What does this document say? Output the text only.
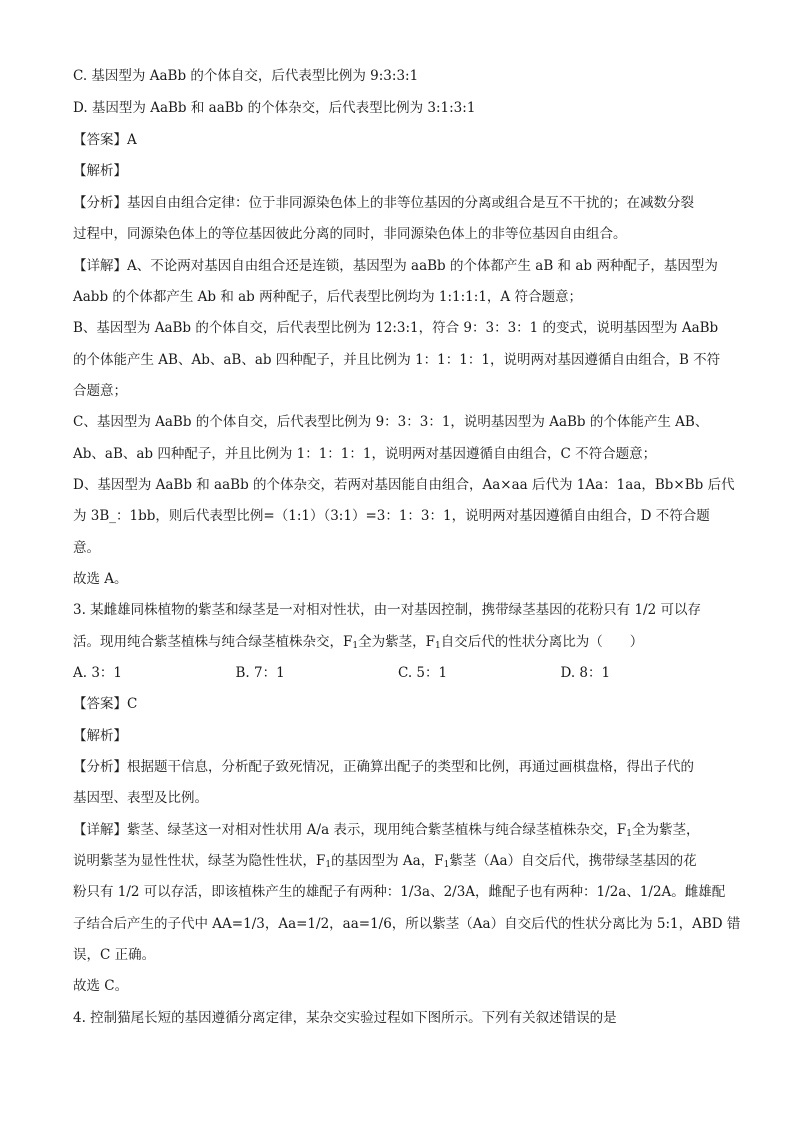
C. 基因型为 AaBb 的个体自交，后代表型比例为 9:3:3:1
D. 基因型为 AaBb 和 aaBb 的个体杂交，后代表型比例为 3:1:3:1
【答案】A
【解析】
【分析】基因自由组合定律：位于非同源染色体上的非等位基因的分离或组合是互不干扰的；在减数分裂
过程中，同源染色体上的等位基因彼此分离的同时，非同源染色体上的非等位基因自由组合。
【详解】A、不论两对基因自由组合还是连锁，基因型为 aaBb 的个体都产生 aB 和 ab 两种配子，基因型为
Aabb 的个体都产生 Ab 和 ab 两种配子，后代表型比例均为 1:1:1:1，A 符合题意；
B、基因型为 AaBb 的个体自交，后代表型比例为 12:3:1，符合 9：3：3：1 的变式，说明基因型为 AaBb
的个体能产生 AB、Ab、aB、ab 四种配子，并且比例为 1：1：1：1，说明两对基因遵循自由组合，B 不符
合题意；
C、基因型为 AaBb 的个体自交，后代表型比例为 9：3：3：1，说明基因型为 AaBb 的个体能产生 AB、
Ab、aB、ab 四种配子，并且比例为 1：1：1：1，说明两对基因遵循自由组合，C 不符合题意；
D、基因型为 AaBb 和 aaBb 的个体杂交，若两对基因能自由组合，Aa×aa 后代为 1Aa：1aa，Bb×Bb 后代
为 3B_：1bb，则后代表型比例=（1:1）（3:1）=3：1：3：1，说明两对基因遵循自由组合，D 不符合题
意。
故选 A。
3. 某雌雄同株植物的紫茎和绿茎是一对相对性状，由一对基因控制，携带绿茎基因的花粉只有 1/2 可以存
活。现用纯合紫茎植株与纯合绿茎植株杂交，$F_1$全为紫茎，$F_1$自交后代的性状分离比为（　　）
A. 3：1	B. 7：1	C. 5：1	D. 8：1
【答案】C
【解析】
【分析】根据题干信息，分析配子致死情况，正确算出配子的类型和比例，再通过画棋盘格，得出子代的
基因型、表型及比例。
【详解】紫茎、绿茎这一对相对性状用 A/a 表示，现用纯合紫茎植株与纯合绿茎植株杂交，$F_1$全为紫茎，
说明紫茎为显性性状，绿茎为隐性性状，$F_1$的基因型为 Aa，$F_1$紫茎（Aa）自交后代，携带绿茎基因的花
粉只有 1/2 可以存活，即该植株产生的雄配子有两种：1/3a、2/3A，雌配子也有两种：1/2a、1/2A。雌雄配
子结合后产生的子代中 AA=1/3，Aa=1/2，aa=1/6，所以紫茎（Aa）自交后代的性状分离比为 5:1，ABD 错
误，C 正确。
故选 C。
4. 控制猫尾长短的基因遵循分离定律，某杂交实验过程如下图所示。下列有关叙述错误的是
